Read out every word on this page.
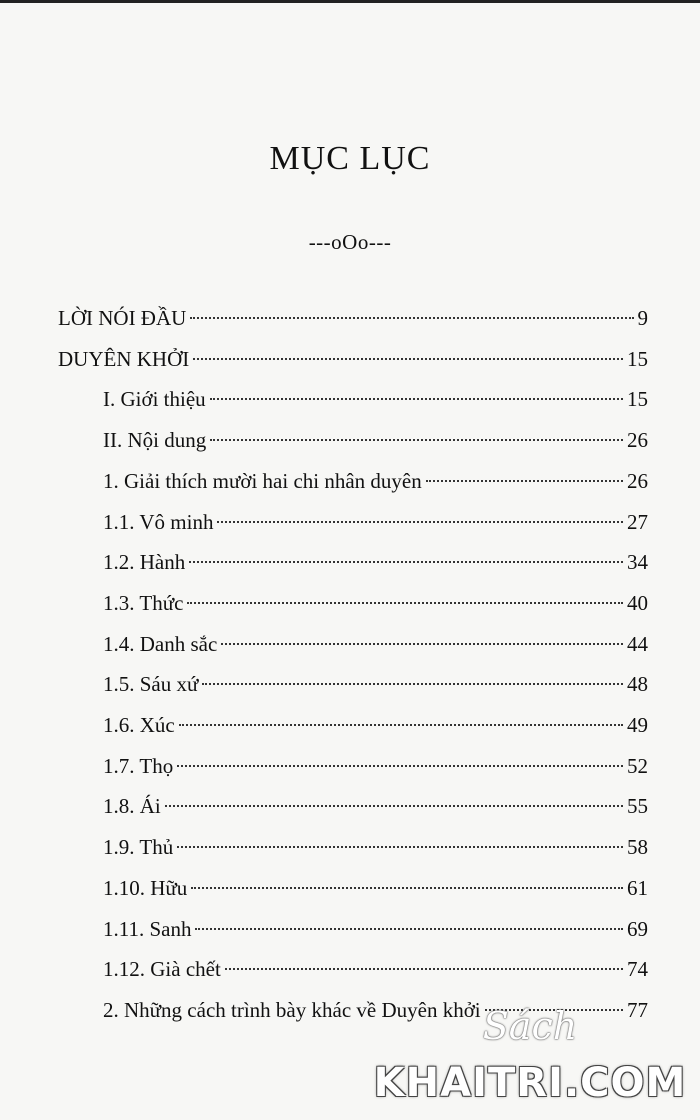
MỤC LỤC
---oOo---
LỜI NÓI ĐẦU	9
DUYÊN KHỞI	15
I. Giới thiệu	15
II. Nội dung	26
1. Giải thích mười hai chi nhân duyên	26
1.1. Vô minh	27
1.2. Hành	34
1.3. Thức	40
1.4. Danh sắc	44
1.5. Sáu xứ	48
1.6. Xúc	49
1.7. Thọ	52
1.8. Ái	55
1.9. Thủ	58
1.10. Hữu	61
1.11. Sanh	69
1.12. Già chết	74
2. Những cách trình bày khác về Duyên khởi	77
Sách
KHAITRI.COM
